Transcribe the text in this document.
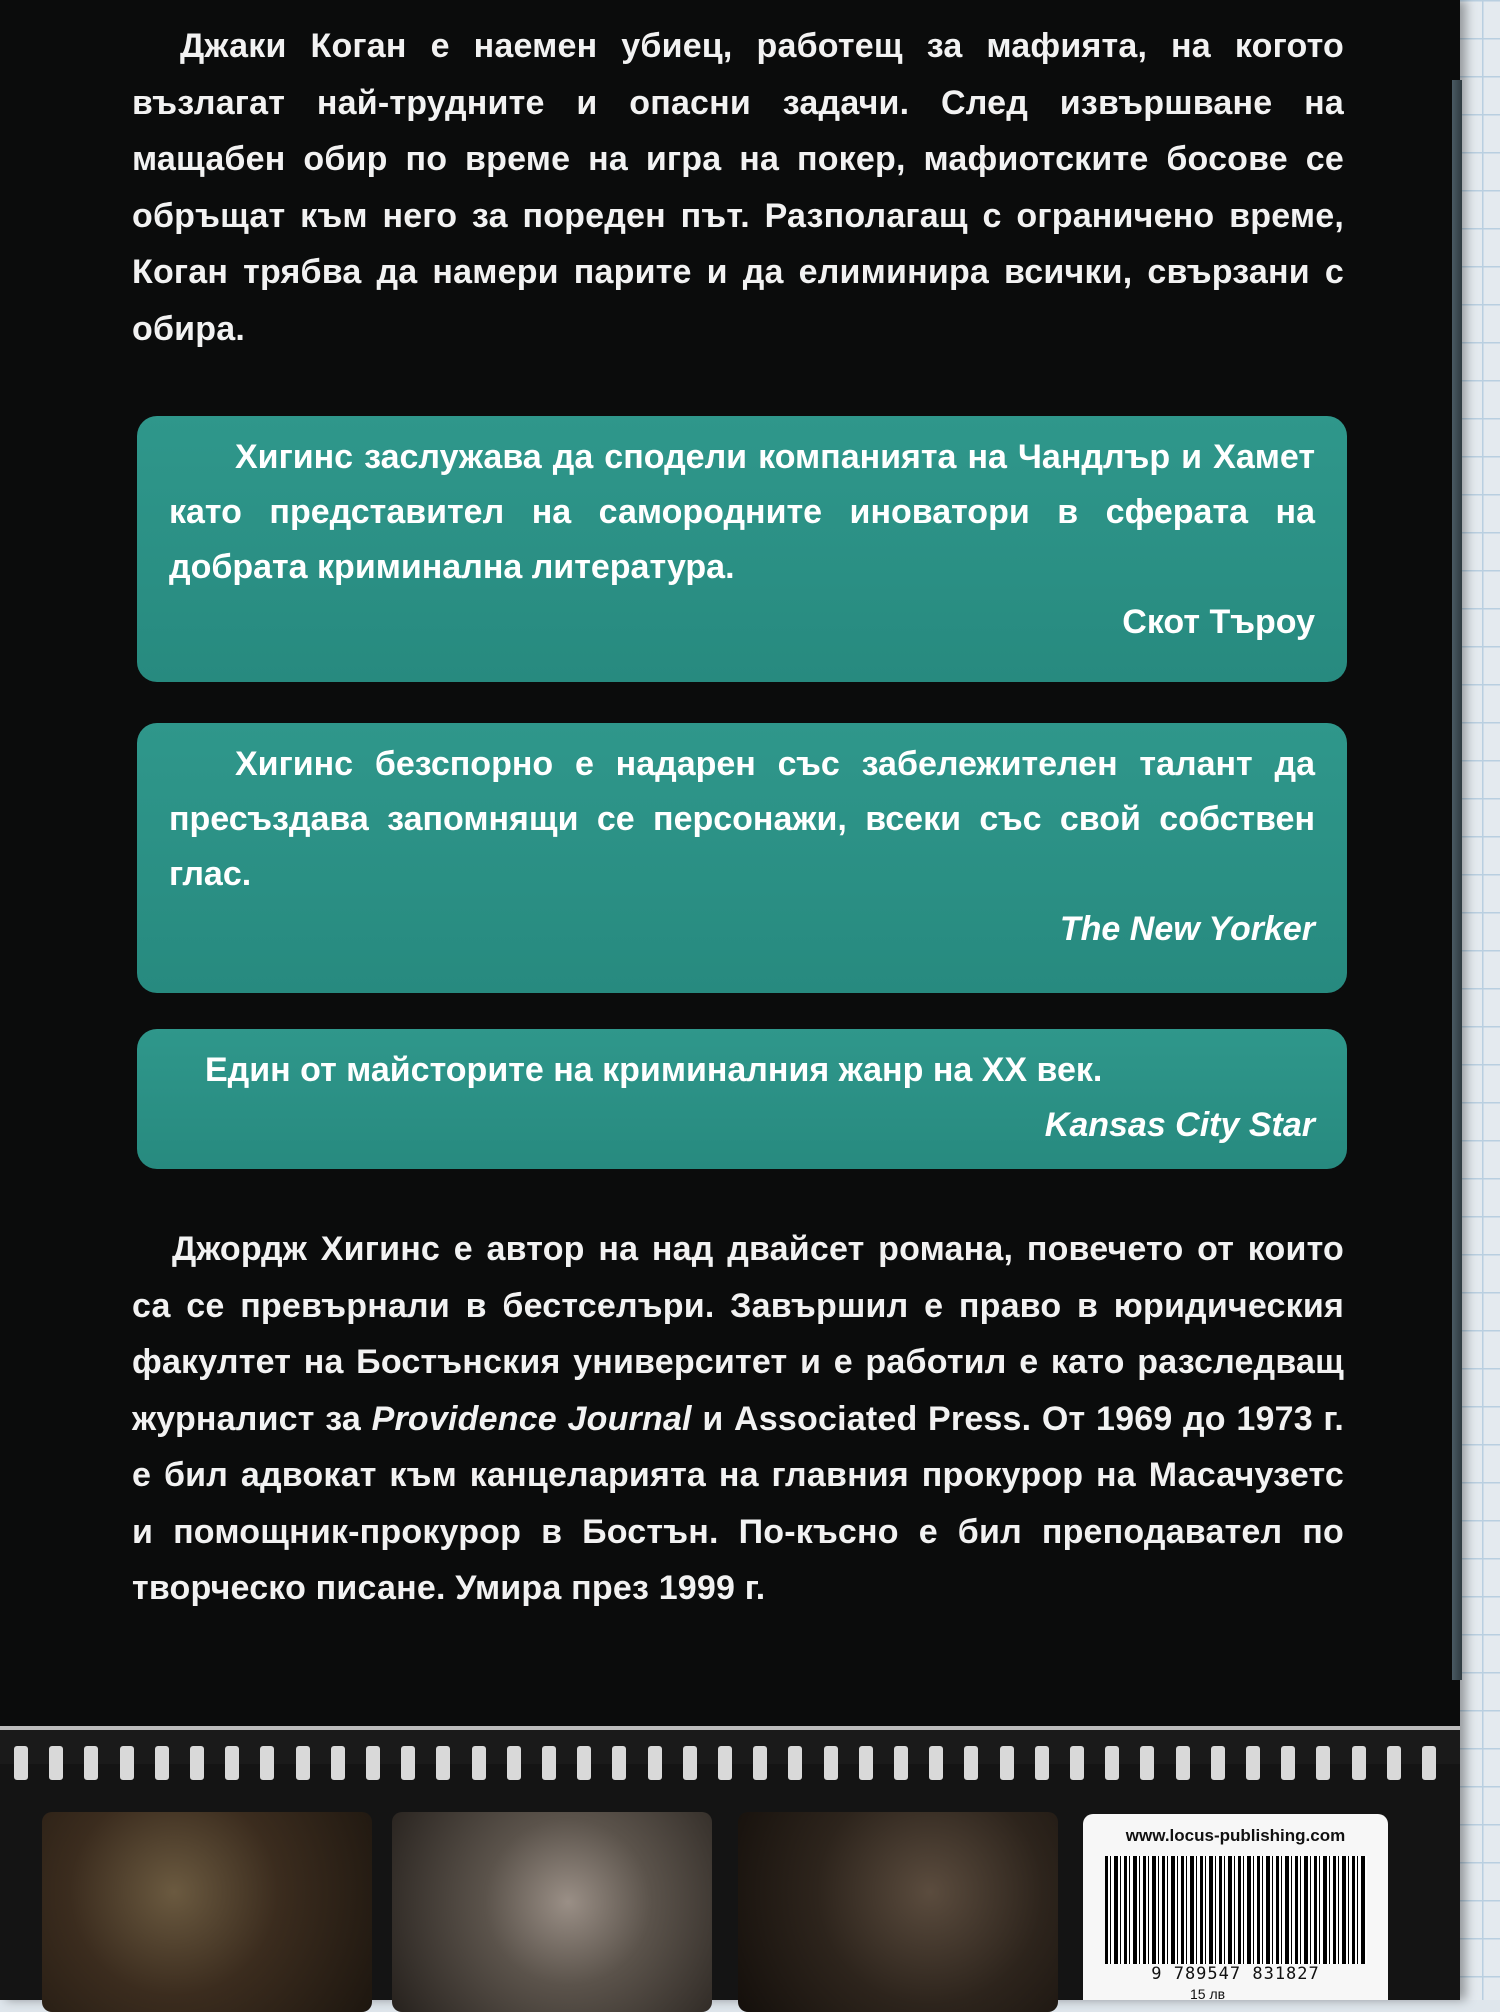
Джаки Коган е наемен убиец, работещ за мафията, на когото възлагат най-трудните и опасни задачи. След извършване на мащабен обир по време на игра на покер, мафиотските босове се обръщат към него за пореден път. Разполагащ с ограничено време, Коган трябва да намери парите и да елиминира всички, свързани с обира.

Хигинс заслужава да сподели компанията на Чандлър и Хамет като представител на самородните иноватори в сферата на добрата криминална литература.

Скот Търоу

Хигинс безспорно е надарен със забележителен талант да пресъздава запомнящи се персонажи, всеки със свой собствен глас.

The New Yorker

Един от майсторите на криминалния жанр на XX век.

Kansas City Star

Джордж Хигинс е автор на над двайсет романа, повечето от които са се превърнали в бестселъри. Завършил е право в юридическия факултет на Бостънския университет и е работил е като разследващ журналист за Providence Journal и Associated Press. От 1969 до 1973 г. е бил адвокат към канцеларията на главния прокурор на Масачузетс и помощник-прокурор в Бостън. По-късно е бил преподавател по творческо писане. Умира през 1999 г.

www.locus-publishing.com
9 789547 831827
15 лв
